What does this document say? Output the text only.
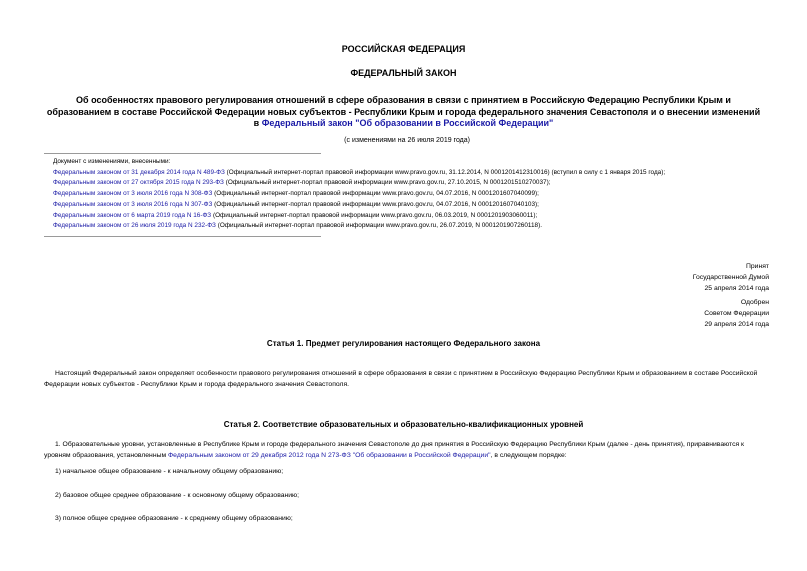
РОССИЙСКАЯ ФЕДЕРАЦИЯ
ФЕДЕРАЛЬНЫЙ ЗАКОН
Об особенностях правового регулирования отношений в сфере образования в связи с принятием в Российскую Федерацию Республики Крым и образованием в составе Российской Федерации новых субъектов - Республики Крым и города федерального значения Севастополя и о внесении изменений в Федеральный закон "Об образовании в Российской Федерации"
(с изменениями на 26 июля 2019 года)
Документ с изменениями, внесенными:
Федеральным законом от 31 декабря 2014 года N 489-ФЗ (Официальный интернет-портал правовой информации www.pravo.gov.ru, 31.12.2014, N 0001201412310016) (вступил в силу с 1 января 2015 года);
Федеральным законом от 27 октября 2015 года N 293-ФЗ (Официальный интернет-портал правовой информации www.pravo.gov.ru, 27.10.2015, N 0001201510270037);
Федеральным законом от 3 июля 2016 года N 308-ФЗ (Официальный интернет-портал правовой информации www.pravo.gov.ru, 04.07.2016, N 0001201607040099);
Федеральным законом от 3 июля 2016 года N 307-ФЗ (Официальный интернет-портал правовой информации www.pravo.gov.ru, 04.07.2016, N 0001201607040103);
Федеральным законом от 6 марта 2019 года N 16-ФЗ (Официальный интернет-портал правовой информации www.pravo.gov.ru, 06.03.2019, N 0001201903060011);
Федеральным законом от 26 июля 2019 года N 232-ФЗ (Официальный интернет-портал правовой информации www.pravo.gov.ru, 26.07.2019, N 0001201907260118).
Принят
Государственной Думой
25 апреля 2014 года
Одобрен
Советом Федерации
29 апреля 2014 года
Статья 1. Предмет регулирования настоящего Федерального закона
Настоящий Федеральный закон определяет особенности правового регулирования отношений в сфере образования в связи с принятием в Российскую Федерацию Республики Крым и образованием в составе Российской Федерации новых субъектов - Республики Крым и города федерального значения Севастополя.
Статья 2. Соответствие образовательных и образовательно-квалификационных уровней
1. Образовательные уровни, установленные в Республике Крым и городе федерального значения Севастополе до дня принятия в Российскую Федерацию Республики Крым (далее - день принятия), приравниваются к уровням образования, установленным Федеральным законом от 29 декабря 2012 года N 273-ФЗ "Об образовании в Российской Федерации", в следующем порядке:
1) начальное общее образование - к начальному общему образованию;
2) базовое общее среднее образование - к основному общему образованию;
3) полное общее среднее образование - к среднему общему образованию;
